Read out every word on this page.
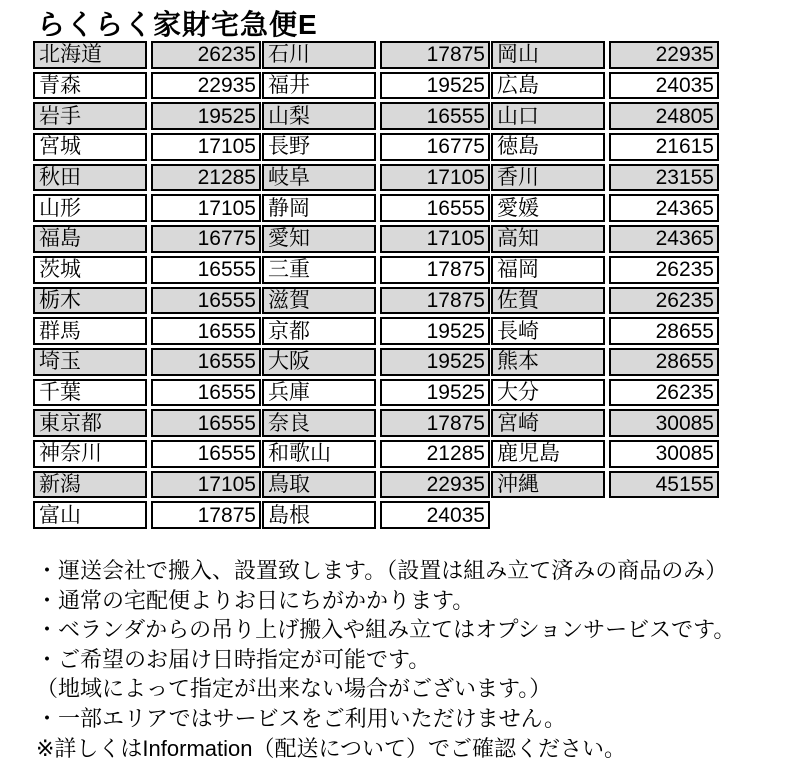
らくらく家財宅急便E
北海道	26235 石川	17875 岡山	22935
青森	22935 福井	19525 広島	24035
岩手	19525 山梨	16555 山口	24805
宮城	17105 長野	16775 徳島	21615
秋田	21285 岐阜	17105 香川	23155
山形	17105 静岡	16555 愛媛	24365
福島	16775 愛知	17105 高知	24365
茨城	16555 三重	17875 福岡	26235
栃木	16555 滋賀	17875 佐賀	26235
群馬	16555 京都	19525 長崎	28655
埼玉	16555 大阪	19525 熊本	28655
千葉	16555 兵庫	19525 大分	26235
東京都	16555 奈良	17875 宮崎	30085
神奈川	16555 和歌山	21285 鹿児島	30085
新潟	17105 鳥取	22935 沖縄	45155
富山	17875 島根	24035
・運送会社で搬入、設置致します。（設置は組み立て済みの商品のみ）
・通常の宅配便よりお日にちがかかります。
・ベランダからの吊り上げ搬入や組み立てはオプションサービスです。
・ご希望のお届け日時指定が可能です。
（地域によって指定が出来ない場合がございます。）
・一部エリアではサービスをご利用いただけません。
※詳しくはInformation（配送について）でご確認ください。
